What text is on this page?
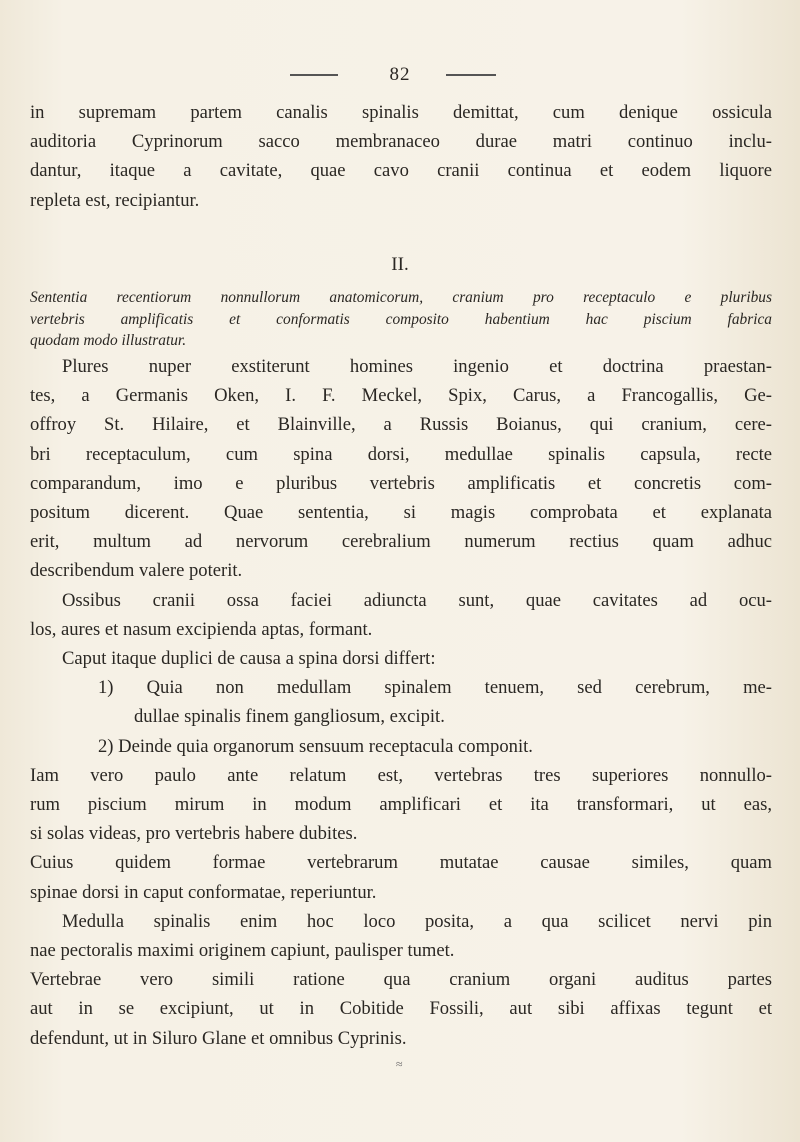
82
in supremam partem canalis spinalis demittat, cum denique ossicula
auditoria Cyprinorum sacco membranaceo durae matri continuo inclu-
dantur, itaque a cavitate, quae cavo cranii continua et eodem liquore
repleta est, recipiantur.
II.
Sententia recentiorum nonnullorum anatomicorum, cranium pro receptaculo e pluribus
vertebris amplificatis et conformatis composito habentium hac piscium fabrica
quodam modo illustratur.
Plures nuper exstiterunt homines ingenio et doctrina praestan-
tes, a Germanis Oken, I. F. Meckel, Spix, Carus, a Francogallis, Ge-
offroy St. Hilaire, et Blainville, a Russis Boianus, qui cranium, cere-
bri receptaculum, cum spina dorsi, medullae spinalis capsula, recte
comparandum, imo e pluribus vertebris amplificatis et concretis com-
positum dicerent. Quae sententia, si magis comprobata et explanata
erit, multum ad nervorum cerebralium numerum rectius quam adhuc
describendum valere poterit.
Ossibus cranii ossa faciei adiuncta sunt, quae cavitates ad ocu-
los, aures et nasum excipienda aptas, formant.
Caput itaque duplici de causa a spina dorsi differt:
1) Quia non medullam spinalem tenuem, sed cerebrum, me-
dullae spinalis finem gangliosum, excipit.
2) Deinde quia organorum sensuum receptacula componit.
Iam vero paulo ante relatum est, vertebras tres superiores nonnullo-
rum piscium mirum in modum amplificari et ita transformari, ut eas,
si solas videas, pro vertebris habere dubites.
Cuius quidem formae vertebrarum mutatae causae similes, quam
spinae dorsi in caput conformatae, reperiuntur.
Medulla spinalis enim hoc loco posita, a qua scilicet nervi pin
nae pectoralis maximi originem capiunt, paulisper tumet.
Vertebrae vero simili ratione qua cranium organi auditus partes
aut in se excipiunt, ut in Cobitide Fossili, aut sibi affixas tegunt et
defendunt, ut in Siluro Glane et omnibus Cyprinis.
≈
